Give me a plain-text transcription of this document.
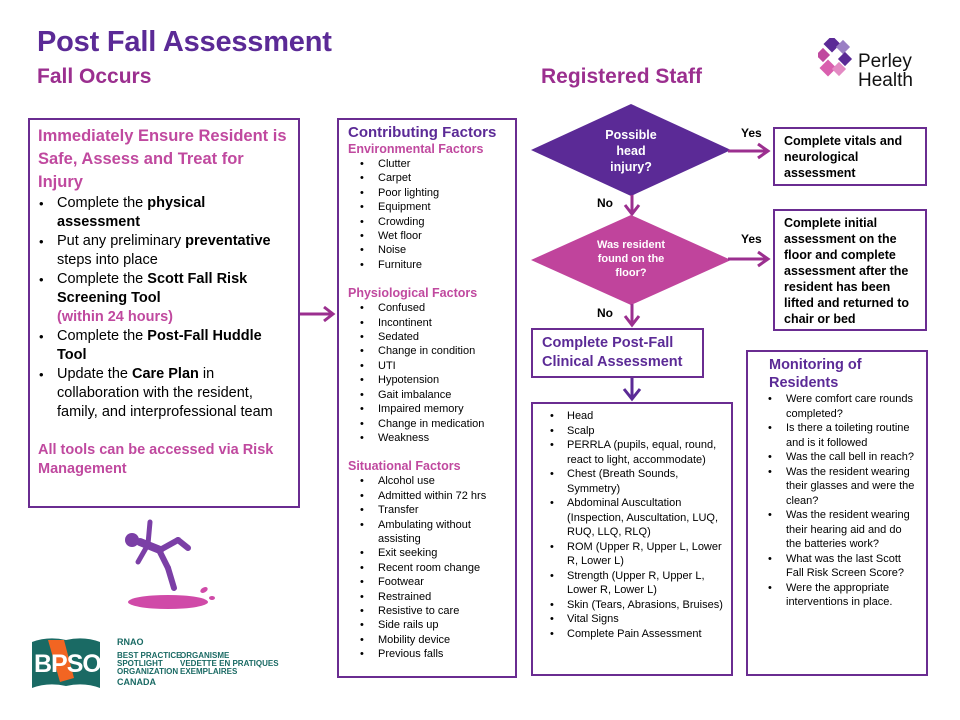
Post Fall Assessment
Fall Occurs	Registered Staff
Perley
Health
Immediately Ensure Resident is Safe, Assess and Treat for Injury
• Complete the physical assessment
• Put any preliminary preventative steps into place
• Complete the Scott Fall Risk Screening Tool
(within 24 hours)
• Complete the Post-Fall Huddle Tool
• Update the Care Plan in collaboration with the resident, family, and interprofessional team
All tools can be accessed via Risk Management
Contributing Factors
Environmental Factors
• Clutter
• Carpet
• Poor lighting
• Equipment
• Crowding
• Wet floor
• Noise
• Furniture
Physiological Factors
• Confused
• Incontinent
• Sedated
• Change in condition
• UTI
• Hypotension
• Gait imbalance
• Impaired memory
• Change in medication
• Weakness
Situational Factors
• Alcohol use
• Admitted within 72 hrs
• Transfer
• Ambulating without assisting
• Exit seeking
• Recent room change
• Footwear
• Restrained
• Resistive to care
• Side rails up
• Mobility device
• Previous falls
Possible
head
injury?
Yes
Complete vitals and neurological assessment
No
Was resident
found on the
floor?
Yes
Complete initial assessment on the floor and complete assessment after the resident has been lifted and returned to chair or bed
No
Complete Post-Fall Clinical Assessment
• Head
• Scalp
• PERRLA (pupils, equal, round, react to light, accommodate)
• Chest (Breath Sounds, Symmetry)
• Abdominal Auscultation (Inspection, Auscultation, LUQ, RUQ, LLQ, RLQ)
• ROM (Upper R, Upper L, Lower R, Lower L)
• Strength (Upper R, Upper L, Lower R, Lower L)
• Skin (Tears, Abrasions, Bruises)
• Vital Signs
• Complete Pain Assessment
Monitoring of Residents
• Were comfort care rounds completed?
• Is there a toileting routine and is it followed
• Was the call bell in reach?
• Was the resident wearing their glasses and were the clean?
• Was the resident wearing their hearing aid and do the batteries work?
• What was the last Scott Fall Risk Screen Score?
• Were the appropriate interventions in place.
BPSO
RNAO
BEST PRACTICE
SPOTLIGHT
ORGANIZATION
ORGANISME
VEDETTE EN PRATIQUES
EXEMPLAIRES
CANADA
